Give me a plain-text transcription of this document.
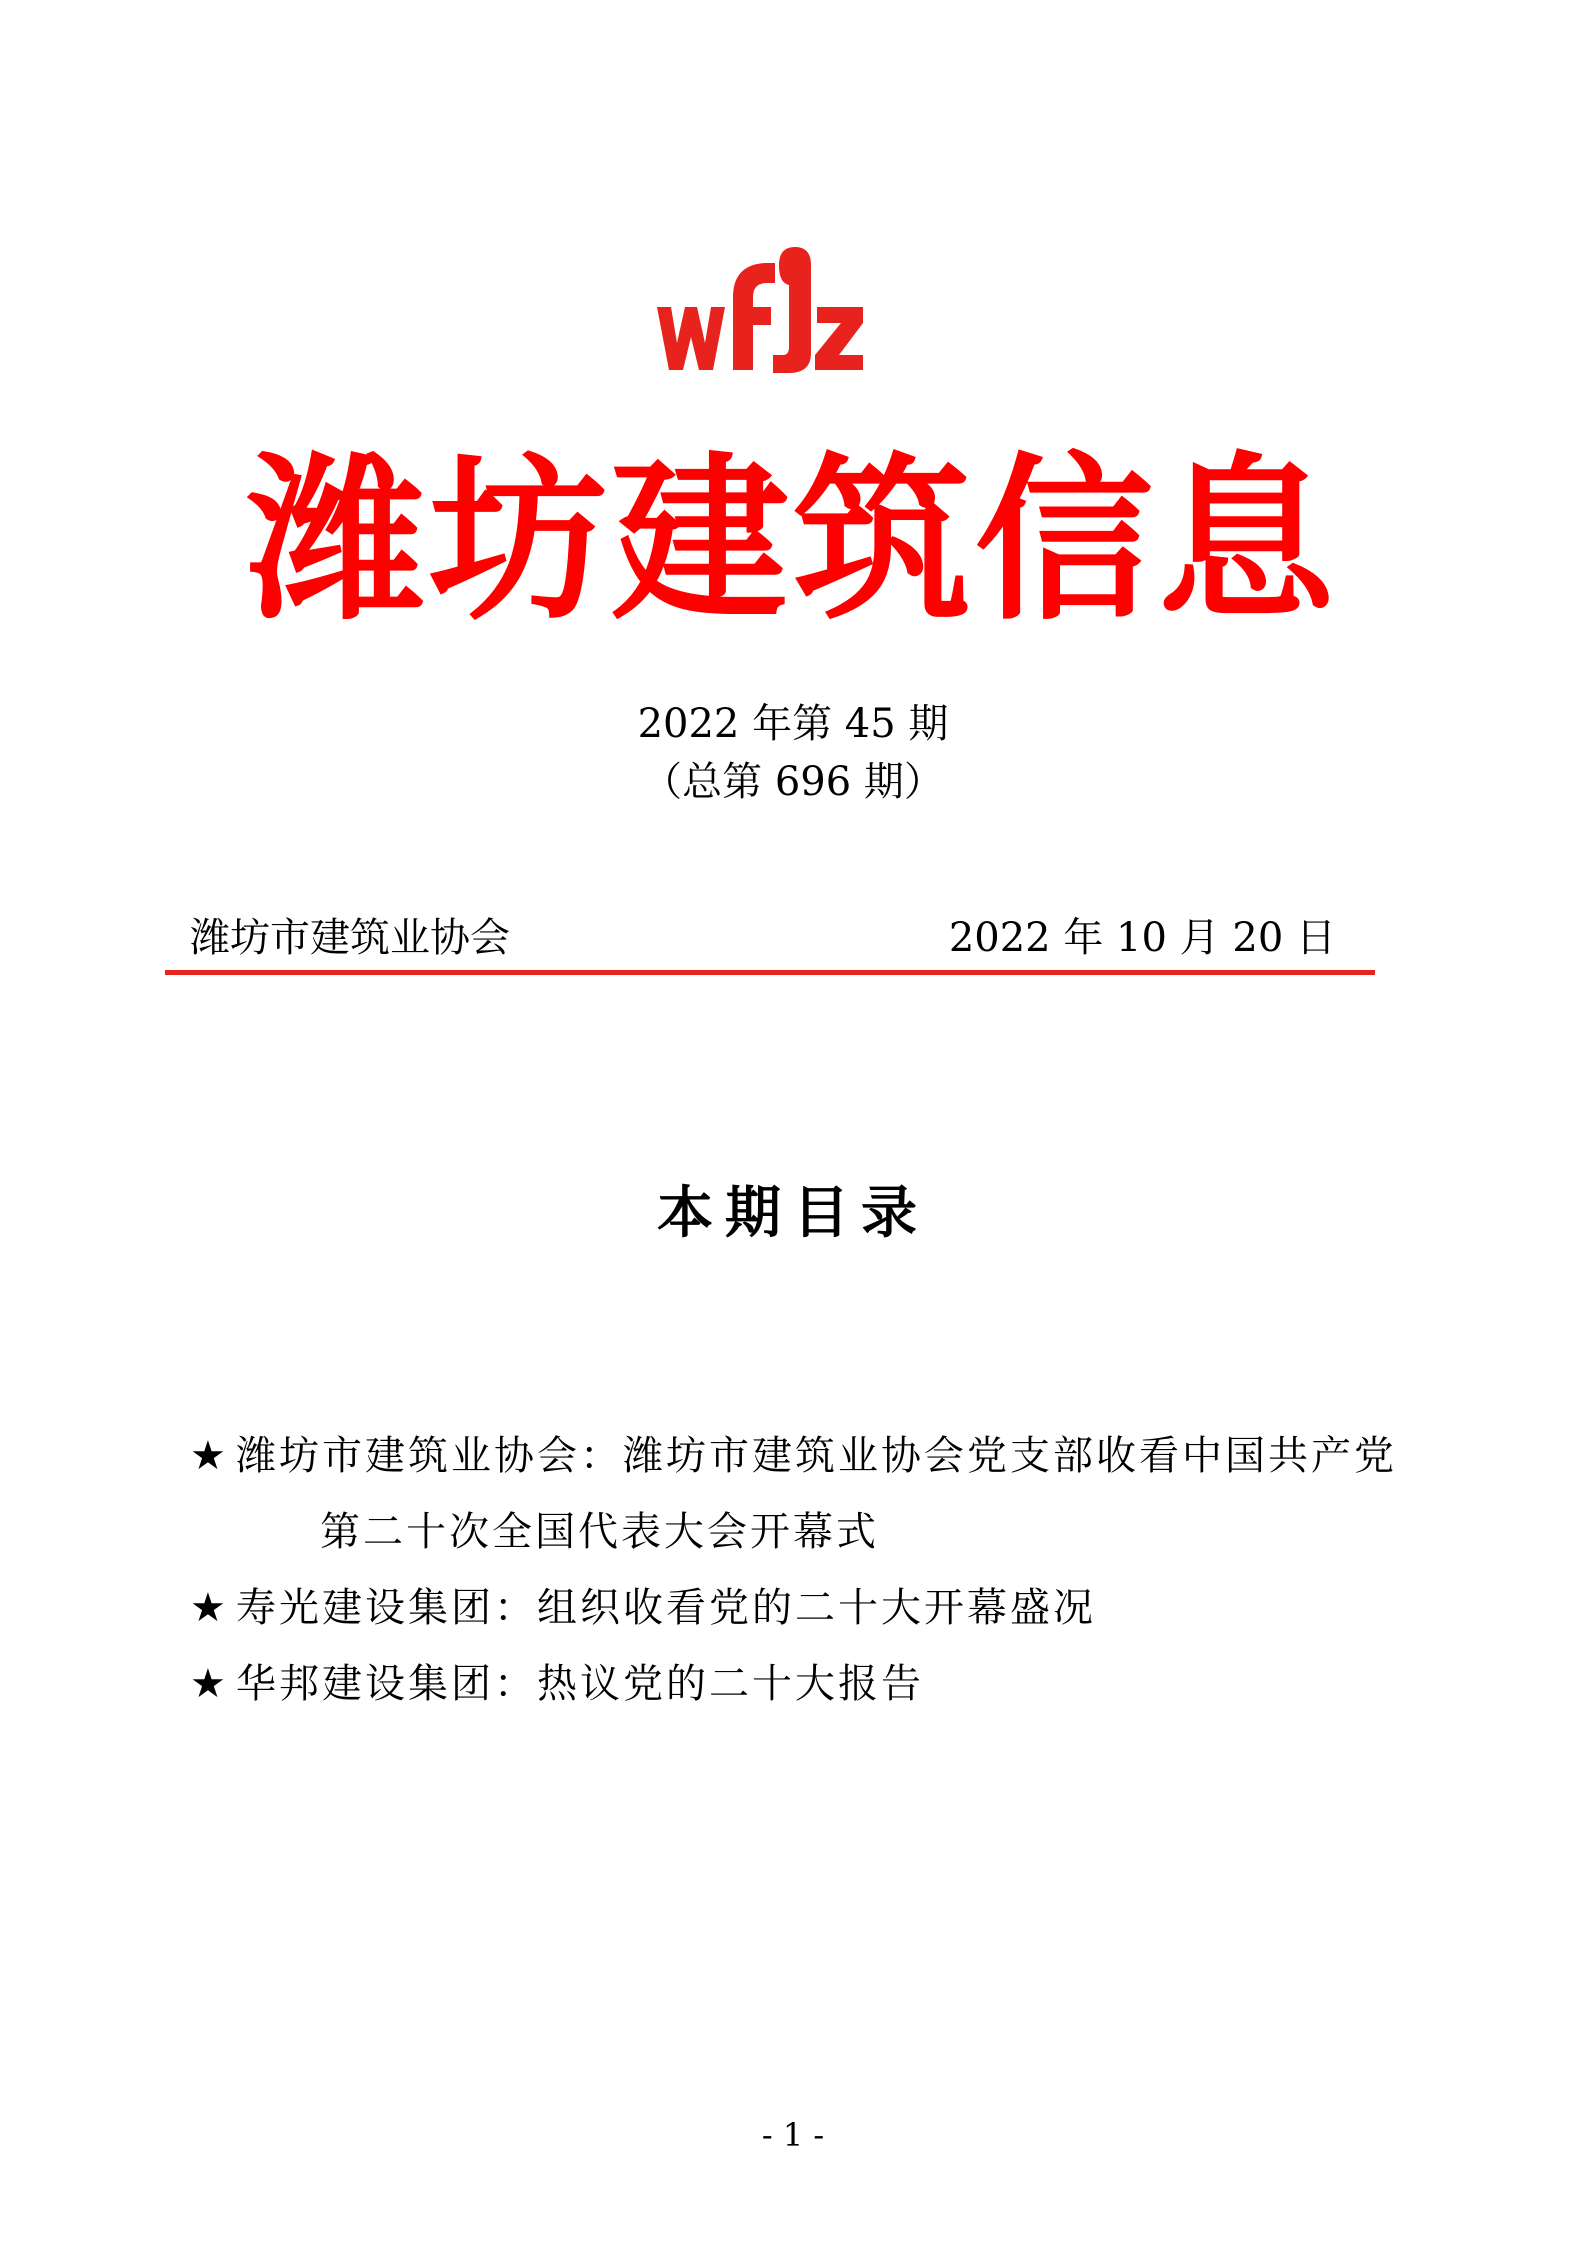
潍坊建筑信息
2022 年第 45 期
（总第 696 期）
潍坊市建筑业协会	2022 年 10 月 20 日
本期目录
★ 潍坊市建筑业协会：潍坊市建筑业协会党支部收看中国共产党
第二十次全国代表大会开幕式
★ 寿光建设集团：组织收看党的二十大开幕盛况
★ 华邦建设集团：热议党的二十大报告
- 1 -
